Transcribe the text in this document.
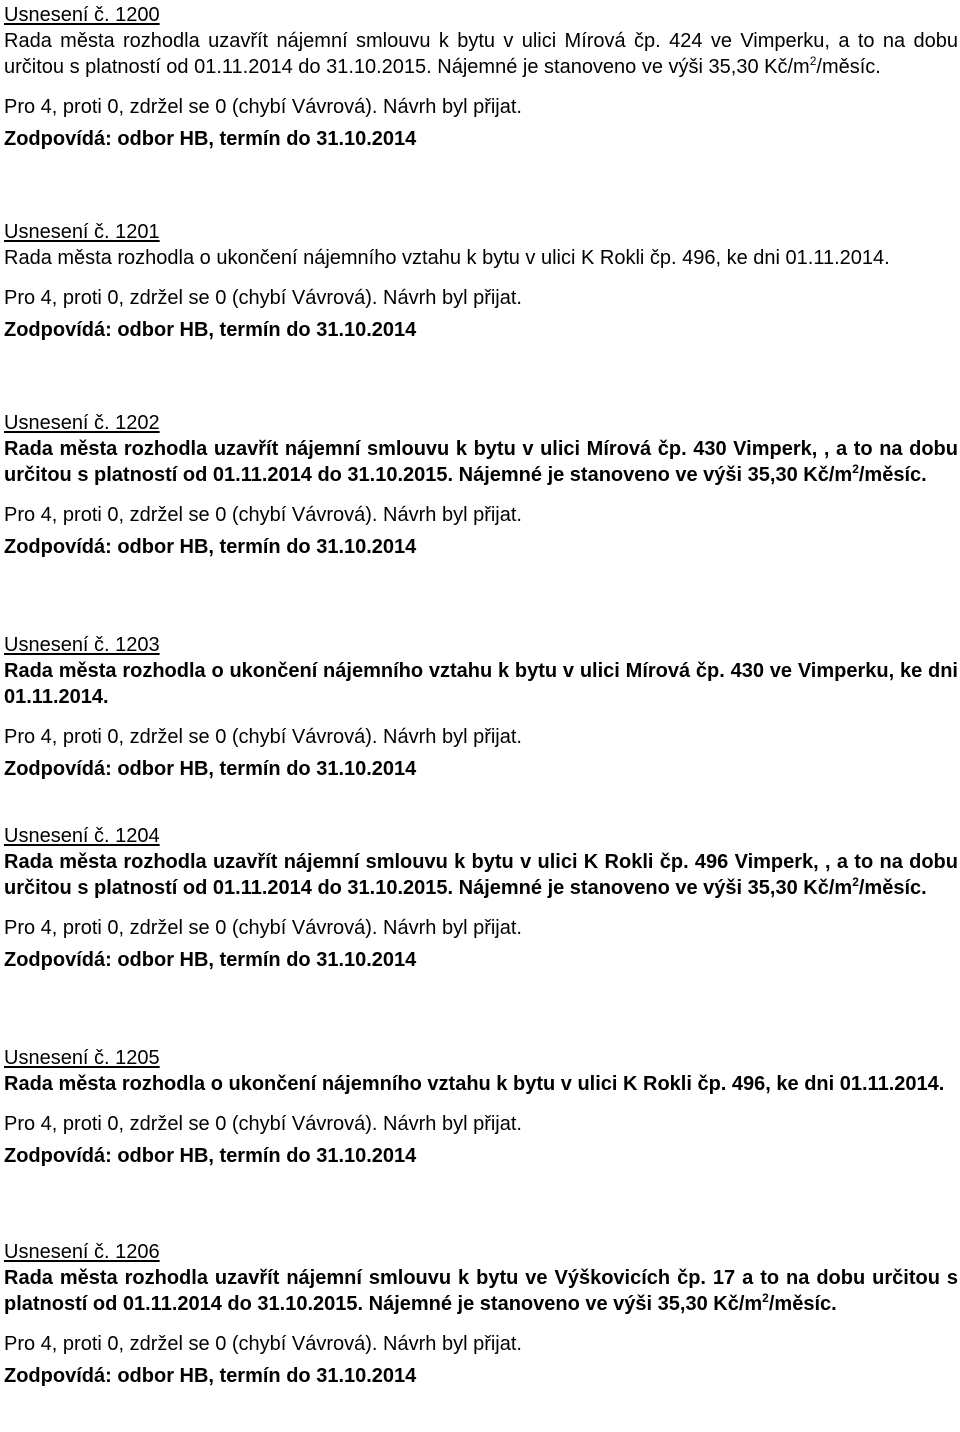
Usnesení č. 1200

Rada města rozhodla uzavřít nájemní smlouvu k bytu v ulici Mírová čp. 424 ve Vimperku, a to na dobu určitou s platností od 01.11.2014 do 31.10.2015. Nájemné je stanoveno ve výši 35,30 $Kč/m^2$/měsíc.

Pro 4, proti 0, zdržel se 0 (chybí Vávrová). Návrh byl přijat.
Zodpovídá: odbor HB, termín do 31.10.2014
Usnesení č. 1201

Rada města rozhodla o ukončení nájemního vztahu k bytu v ulici K Rokli čp. 496, ke dni 01.11.2014.

Pro 4, proti 0, zdržel se 0 (chybí Vávrová). Návrh byl přijat.
Zodpovídá: odbor HB, termín do 31.10.2014
Usnesení č. 1202

Rada města rozhodla uzavřít nájemní smlouvu k bytu v ulici Mírová čp. 430 Vimperk, , a to na dobu určitou s platností od 01.11.2014 do 31.10.2015. Nájemné je stanoveno ve výši 35,30 $Kč/m^2$/měsíc.

Pro 4, proti 0, zdržel se 0 (chybí Vávrová). Návrh byl přijat.
Zodpovídá: odbor HB, termín do 31.10.2014
Usnesení č. 1203

Rada města rozhodla o ukončení nájemního vztahu k bytu v ulici Mírová čp. 430 ve Vimperku, ke dni 01.11.2014.

Pro 4, proti 0, zdržel se 0 (chybí Vávrová). Návrh byl přijat.
Zodpovídá: odbor HB, termín do 31.10.2014
Usnesení č. 1204

Rada města rozhodla uzavřít nájemní smlouvu k bytu v ulici K Rokli čp. 496 Vimperk, , a to na dobu určitou s platností od 01.11.2014 do 31.10.2015. Nájemné je stanoveno ve výši 35,30 $Kč/m^2$/měsíc.

Pro 4, proti 0, zdržel se 0 (chybí Vávrová). Návrh byl přijat.
Zodpovídá: odbor HB, termín do 31.10.2014
Usnesení č. 1205

Rada města rozhodla o ukončení nájemního vztahu k bytu v ulici K Rokli čp. 496, ke dni 01.11.2014.

Pro 4, proti 0, zdržel se 0 (chybí Vávrová). Návrh byl přijat.
Zodpovídá: odbor HB, termín do 31.10.2014
Usnesení č. 1206

Rada města rozhodla uzavřít nájemní smlouvu k bytu ve Výškovicích čp. 17 a to na dobu určitou s platností od 01.11.2014 do 31.10.2015. Nájemné je stanoveno ve výši 35,30 $Kč/m^2$/měsíc.

Pro 4, proti 0, zdržel se 0 (chybí Vávrová). Návrh byl přijat.
Zodpovídá: odbor HB, termín do 31.10.2014
